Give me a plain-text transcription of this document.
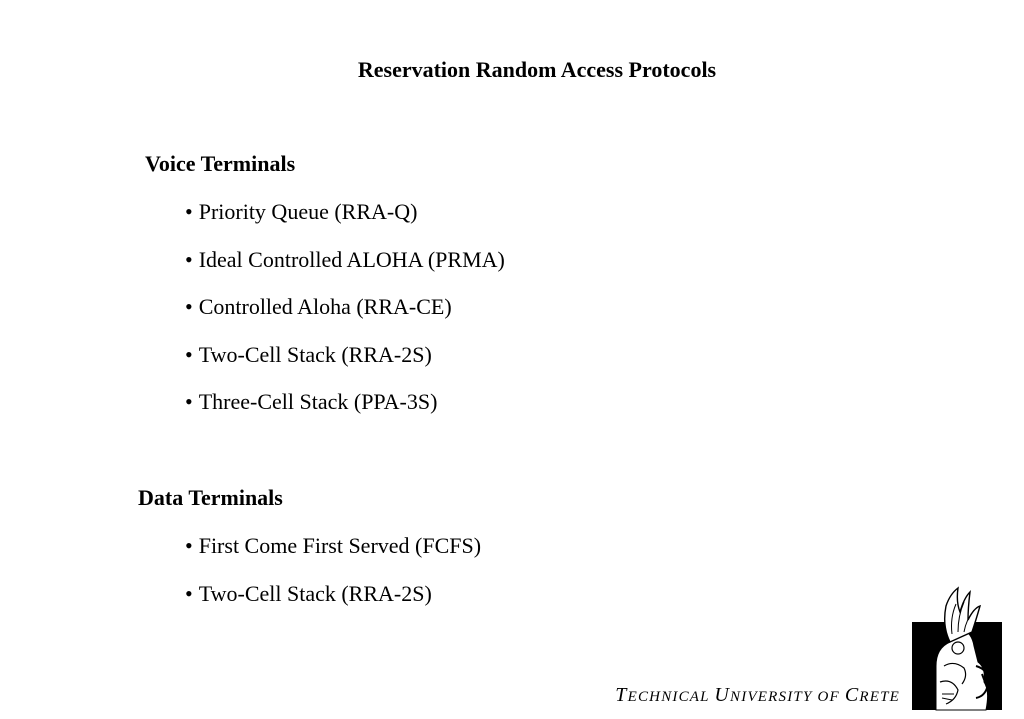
Reservation Random Access Protocols
Voice Terminals
• Priority Queue (RRA-Q)
• Ideal Controlled ALOHA (PRMA)
• Controlled Aloha (RRA-CE)
• Two-Cell Stack (RRA-2S)
• Three-Cell Stack (PPA-3S)
Data Terminals
• First Come First Served (FCFS)
• Two-Cell Stack (RRA-2S)
TECHNICAL UNIVERSITY OF CRETE
